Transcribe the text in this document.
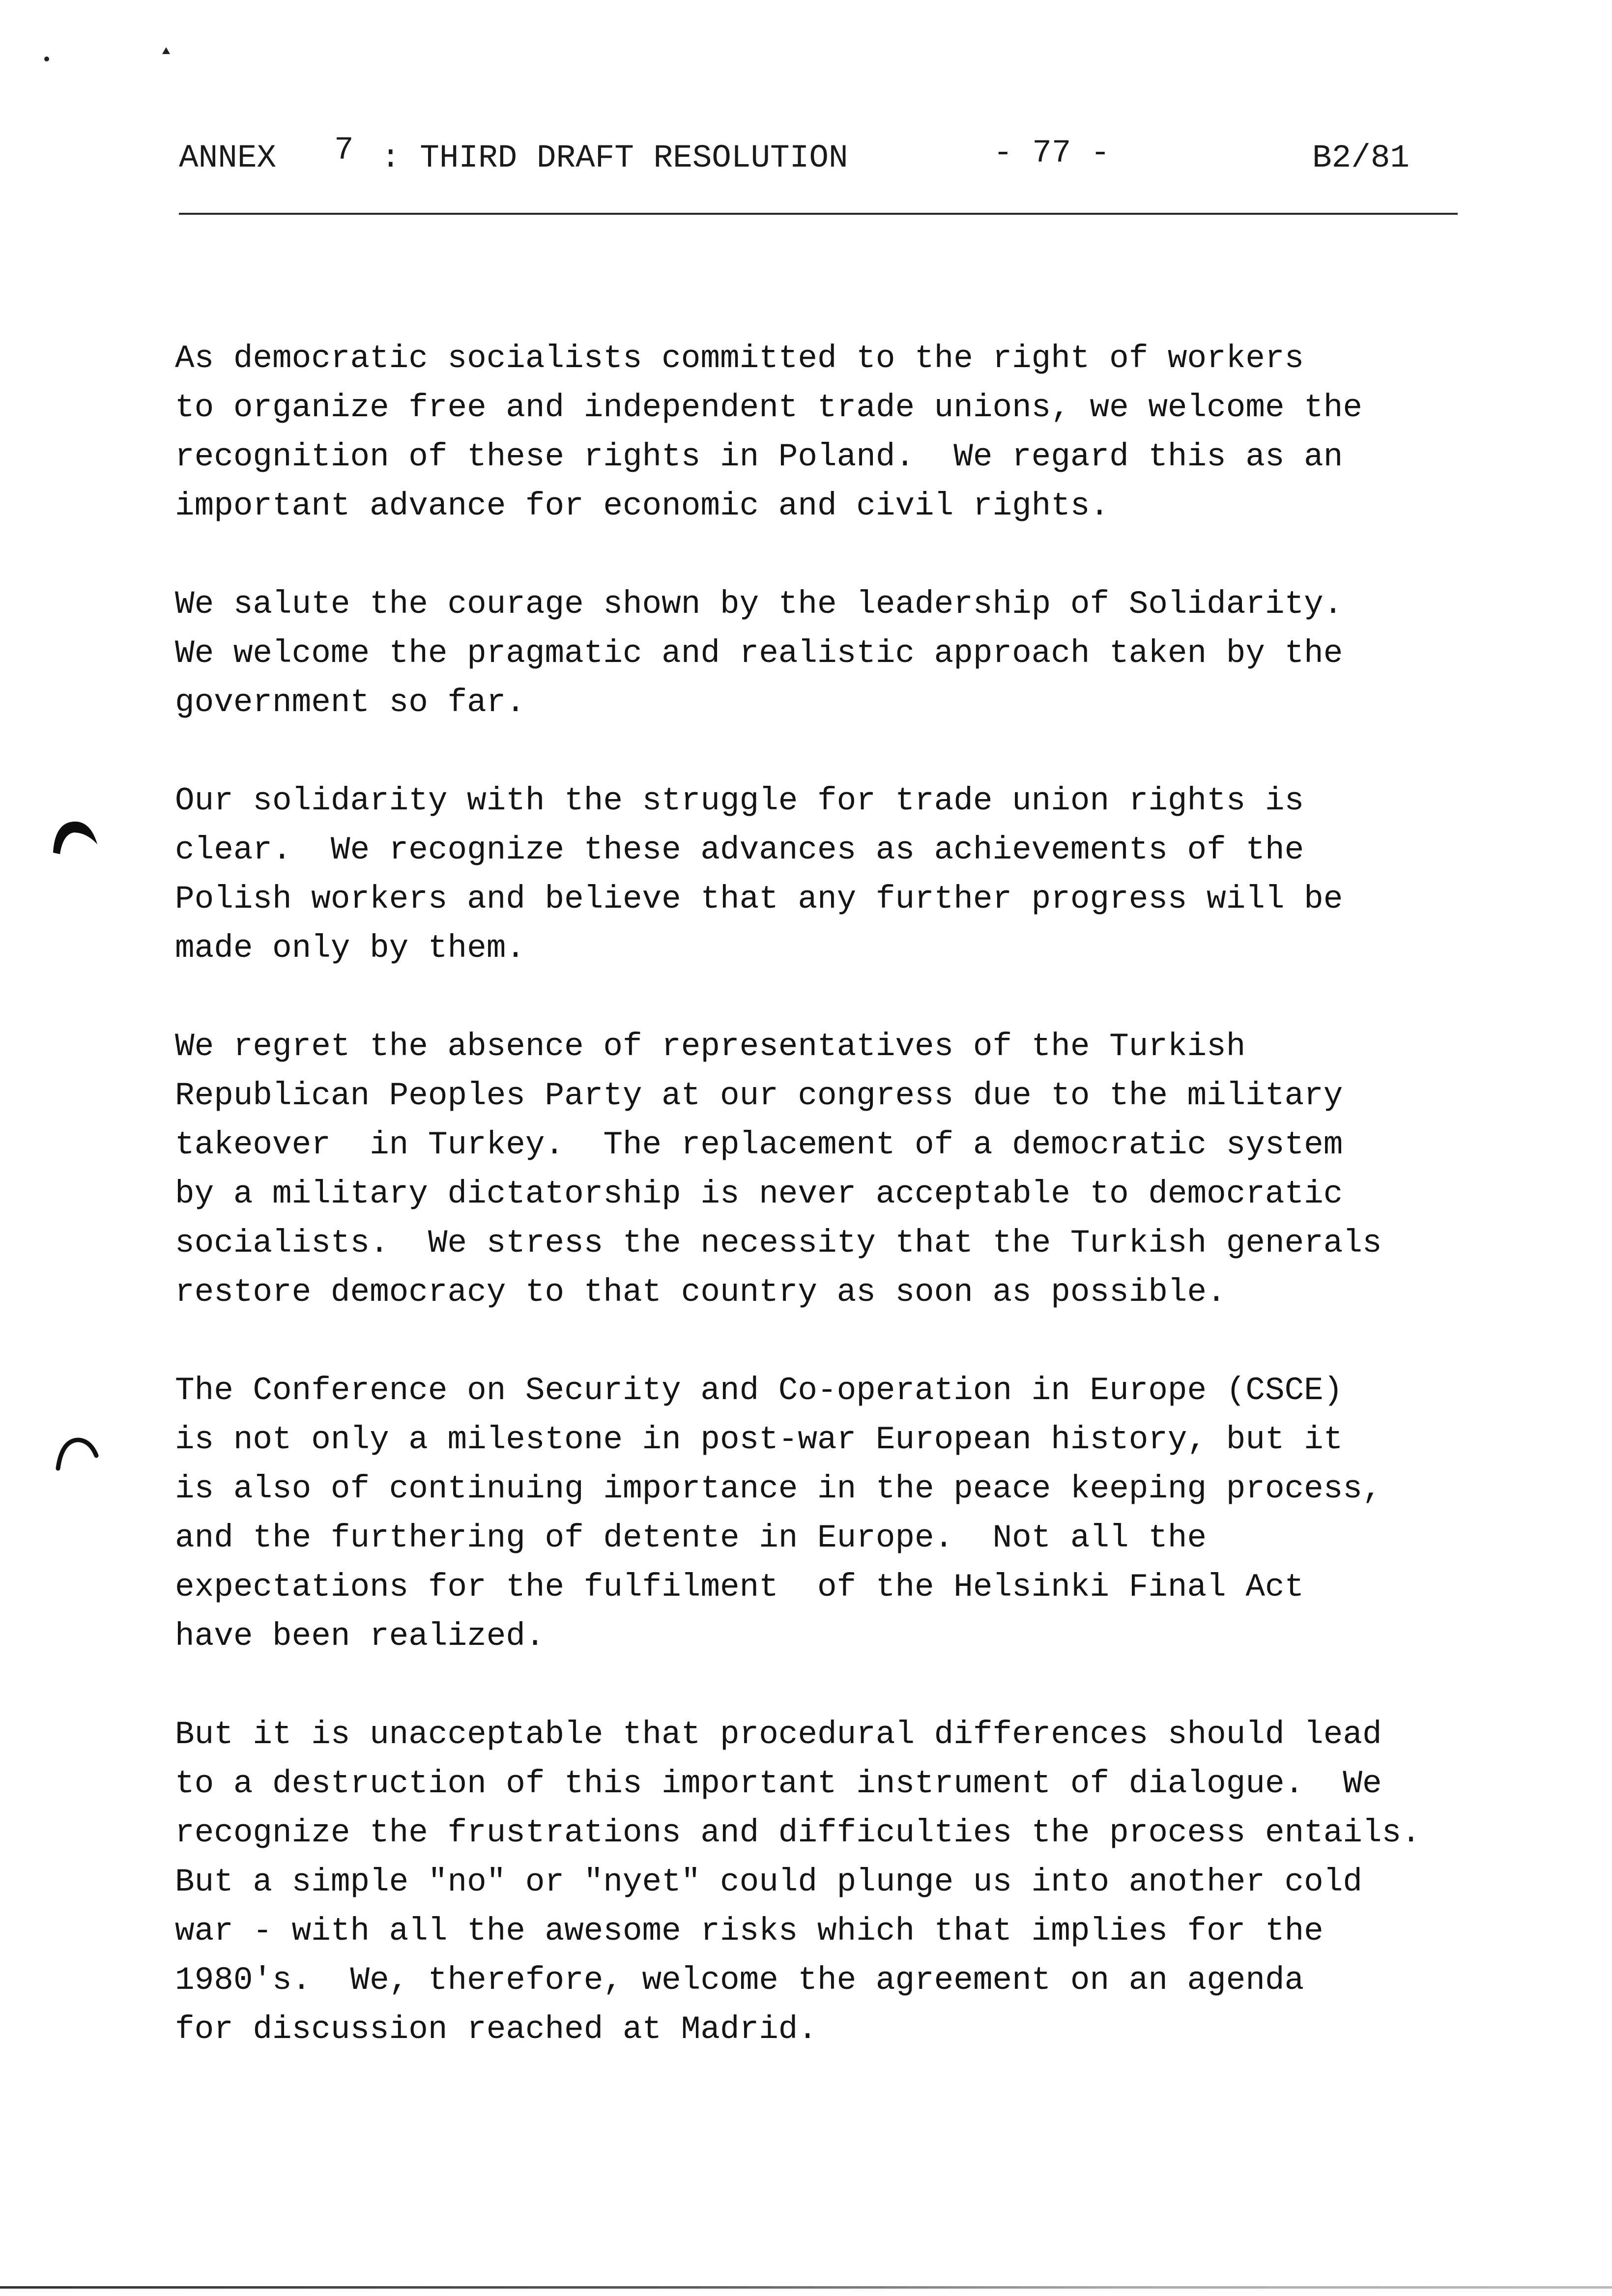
ANNEX 7 : THIRD DRAFT RESOLUTION	- 77 -	B2/81
As democratic socialists committed to the right of workers
to organize free and independent trade unions, we welcome the
recognition of these rights in Poland.  We regard this as an
important advance for economic and civil rights.
We salute the courage shown by the leadership of Solidarity.
We welcome the pragmatic and realistic approach taken by the
government so far.
Our solidarity with the struggle for trade union rights is
clear.  We recognize these advances as achievements of the
Polish workers and believe that any further progress will be
made only by them.
We regret the absence of representatives of the Turkish
Republican Peoples Party at our congress due to the military
takeover  in Turkey.  The replacement of a democratic system
by a military dictatorship is never acceptable to democratic
socialists.  We stress the necessity that the Turkish generals
restore democracy to that country as soon as possible.
The Conference on Security and Co-operation in Europe (CSCE)
is not only a milestone in post-war European history, but it
is also of continuing importance in the peace keeping process,
and the furthering of detente in Europe.  Not all the
expectations for the fulfilment  of the Helsinki Final Act
have been realized.
But it is unacceptable that procedural differences should lead
to a destruction of this important instrument of dialogue.  We
recognize the frustrations and difficulties the process entails.
But a simple "no" or "nyet" could plunge us into another cold
war - with all the awesome risks which that implies for the
1980's.  We, therefore, welcome the agreement on an agenda
for discussion reached at Madrid.
